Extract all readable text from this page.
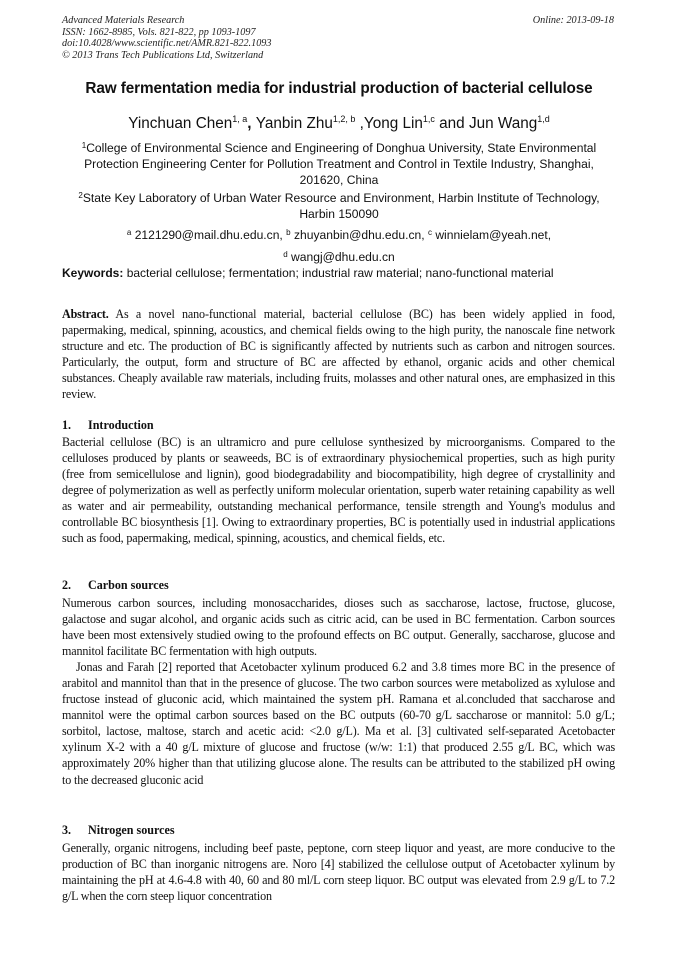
Advanced Materials Research
ISSN: 1662-8985, Vols. 821-822, pp 1093-1097
doi:10.4028/www.scientific.net/AMR.821-822.1093
© 2013 Trans Tech Publications Ltd, Switzerland
Online: 2013-09-18
Raw fermentation media for industrial production of bacterial cellulose
Yinchuan Chen$^{1, a}$, Yanbin Zhu$^{1,2, b}$ ,Yong Lin$^{1,c}$ and Jun Wang$^{1,d}$
$^1$College of Environmental Science and Engineering of Donghua University, State Environmental Protection Engineering Center for Pollution Treatment and Control in Textile Industry, Shanghai, 201620, China
$^2$State Key Laboratory of Urban Water Resource and Environment, Harbin Institute of Technology, Harbin 150090
$^a$ 2121290@mail.dhu.edu.cn, $^b$ zhuyanbin@dhu.edu.cn, $^c$ winnielam@yeah.net,
$^d$ wangj@dhu.edu.cn
Keywords: bacterial cellulose; fermentation; industrial raw material; nano-functional material

Abstract. As a novel nano-functional material, bacterial cellulose (BC) has been widely applied in food, papermaking, medical, spinning, acoustics, and chemical fields owing to the high purity, the nanoscale fine network structure and etc. The production of BC is significantly affected by nutrients such as carbon and nitrogen sources. Particularly, the output, form and structure of BC are affected by ethanol, organic acids and other chemical substances. Cheaply available raw materials, including fruits, molasses and other natural ones, are emphasized in this review.

1. Introduction

Bacterial cellulose (BC) is an ultramicro and pure cellulose synthesized by microorganisms. Compared to the celluloses produced by plants or seaweeds, BC is of extraordinary physiochemical properties, such as high purity (free from semicellulose and lignin), good biodegradability and biocompatibility, high degree of crystallinity and degree of polymerization as well as perfectly uniform molecular orientation, superb water retaining capability as well as water and air permeability, outstanding mechanical performance, tensile strength and Young's modulus and controllable BC biosynthesis [1]. Owing to extraordinary properties, BC is potentially used in industrial applications such as food, papermaking, medical, spinning, acoustics, and chemical fields, etc.

2. Carbon sources

Numerous carbon sources, including monosaccharides, dioses such as saccharose, lactose, fructose, glucose, galactose and sugar alcohol, and organic acids such as citric acid, can be used in BC fermentation. Carbon sources have been most extensively studied owing to the profound effects on BC output. Generally, saccharose, glucose and mannitol facilitate BC fermentation with high outputs.

Jonas and Farah [2] reported that Acetobacter xylinum produced 6.2 and 3.8 times more BC in the presence of arabitol and mannitol than that in the presence of glucose. The two carbon sources were metabolized as xylulose and fructose instead of gluconic acid, which maintained the system pH. Ramana et al.concluded that saccharose and mannitol were the optimal carbon sources based on the BC outputs (60-70 g/L saccharose or mannitol: 5.0 g/L; sorbitol, lactose, maltose, starch and acetic acid: <2.0 g/L). Ma et al. [3] cultivated self-separated Acetobacter xylinum X-2 with a 40 g/L mixture of glucose and fructose (w/w: 1:1) that produced 2.55 g/L BC, which was approximately 20% higher than that utilizing glucose alone. The results can be attributed to the stabilized pH owing to the decreased gluconic acid

3. Nitrogen sources

Generally, organic nitrogens, including beef paste, peptone, corn steep liquor and yeast, are more conducive to the production of BC than inorganic nitrogens are. Noro [4] stabilized the cellulose output of Acetobacter xylinum by maintaining the pH at 4.6-4.8 with 40, 60 and 80 ml/L corn steep liquor. BC output was elevated from 2.9 g/L to 7.2 g/L when the corn steep liquor concentration
